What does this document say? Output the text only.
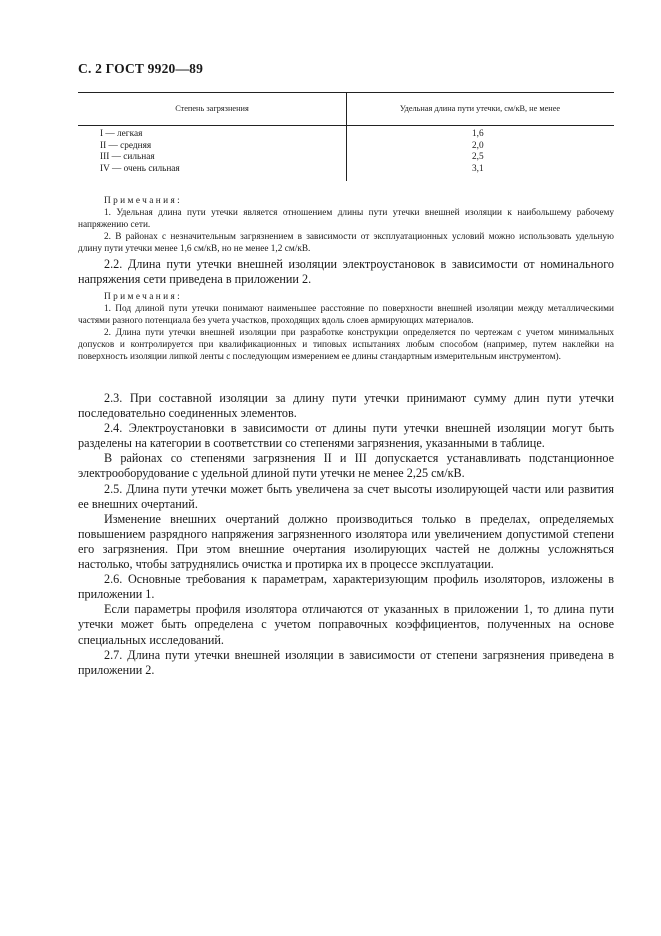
С. 2 ГОСТ 9920—89
Степень загрязнения	Удельная длина пути утечки, см/кВ, не менее
I — легкая
II — средняя
III — сильная
IV — очень сильная
1,6
2,0
2,5
3,1
Примечания:

1. Удельная длина пути утечки является отношением длины пути утечки внешней изоляции к наибольшему рабочему напряжению сети.

2. В районах с незначительным загрязнением в зависимости от эксплуатационных условий можно использовать удельную длину пути утечки менее 1,6 см/кВ, но не менее 1,2 см/кВ.

2.2. Длина пути утечки внешней изоляции электроустановок в зависимости от номинального напряжения сети приведена в приложении 2.

Примечания:

1. Под длиной пути утечки понимают наименьшее расстояние по поверхности внешней изоляции между металлическими частями разного потенциала без учета участков, проходящих вдоль слоев армирующих материалов.

2. Длина пути утечки внешней изоляции при разработке конструкции определяется по чертежам с учетом минимальных допусков и контролируется при квалификационных и типовых испытаниях любым способом (например, путем наклейки на поверхность изоляции липкой ленты с последующим измерением ее длины стандартным измерительным инструментом).

2.3. При составной изоляции за длину пути утечки принимают сумму длин пути утечки последовательно соединенных элементов.

2.4. Электроустановки в зависимости от длины пути утечки внешней изоляции могут быть разделены на категории в соответствии со степенями загрязнения, указанными в таблице.

В районах со степенями загрязнения II и III допускается устанавливать подстанционное электрооборудование с удельной длиной пути утечки не менее 2,25 см/кВ.

2.5. Длина пути утечки может быть увеличена за счет высоты изолирующей части или развития ее внешних очертаний.

Изменение внешних очертаний должно производиться только в пределах, определяемых повышением разрядного напряжения загрязненного изолятора или увеличением допустимой степени его загрязнения. При этом внешние очертания изолирующих частей не должны усложняться настолько, чтобы затруднялись очистка и протирка их в процессе эксплуатации.

2.6. Основные требования к параметрам, характеризующим профиль изоляторов, изложены в приложении 1.

Если параметры профиля изолятора отличаются от указанных в приложении 1, то длина пути утечки может быть определена с учетом поправочных коэффициентов, полученных на основе специальных исследований.

2.7. Длина пути утечки внешней изоляции в зависимости от степени загрязнения приведена в приложении 2.
